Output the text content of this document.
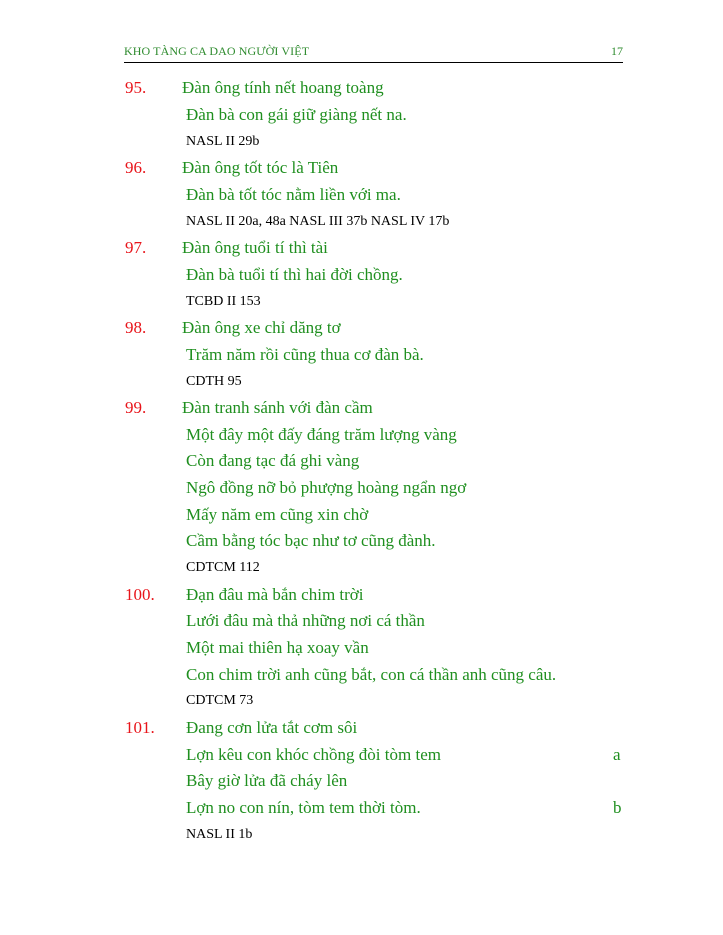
KHO TÀNG CA DAO NGƯỜI VIỆT	17
95. Đàn ông tính nết hoang toàng
Đàn bà con gái giữ giàng nết na.
NASL II 29b
96. Đàn ông tốt tóc là Tiên
Đàn bà tốt tóc nằm liền với ma.
NASL II 20a, 48a NASL III 37b NASL IV 17b
97. Đàn ông tuổi tí thì tài
Đàn bà tuổi tí thì hai đời chồng.
TCBD II 153
98. Đàn ông xe chỉ dăng tơ
Trăm năm rồi cũng thua cơ đàn bà.
CDTH 95
99. Đàn tranh sánh với đàn cầm
Một đây một đấy đáng trăm lượng vàng
Còn đang tạc đá ghi vàng
Ngô đồng nỡ bỏ phượng hoàng ngẩn ngơ
Mấy năm em cũng xin chờ
Cầm bằng tóc bạc như tơ cũng đành.
CDTCM 112
100. Đạn đâu mà bắn chim trời
Lưới đâu mà thả những nơi cá thần
Một mai thiên hạ xoay vần
Con chim trời anh cũng bắt, con cá thần anh cũng câu.
CDTCM 73
101. Đang cơn lửa tắt cơm sôi
Lợn kêu con khóc chồng đòi tòm tem	a
Bây giờ lửa đã cháy lên
Lợn no con nín, tòm tem thời tòm.	b
NASL II 1b
